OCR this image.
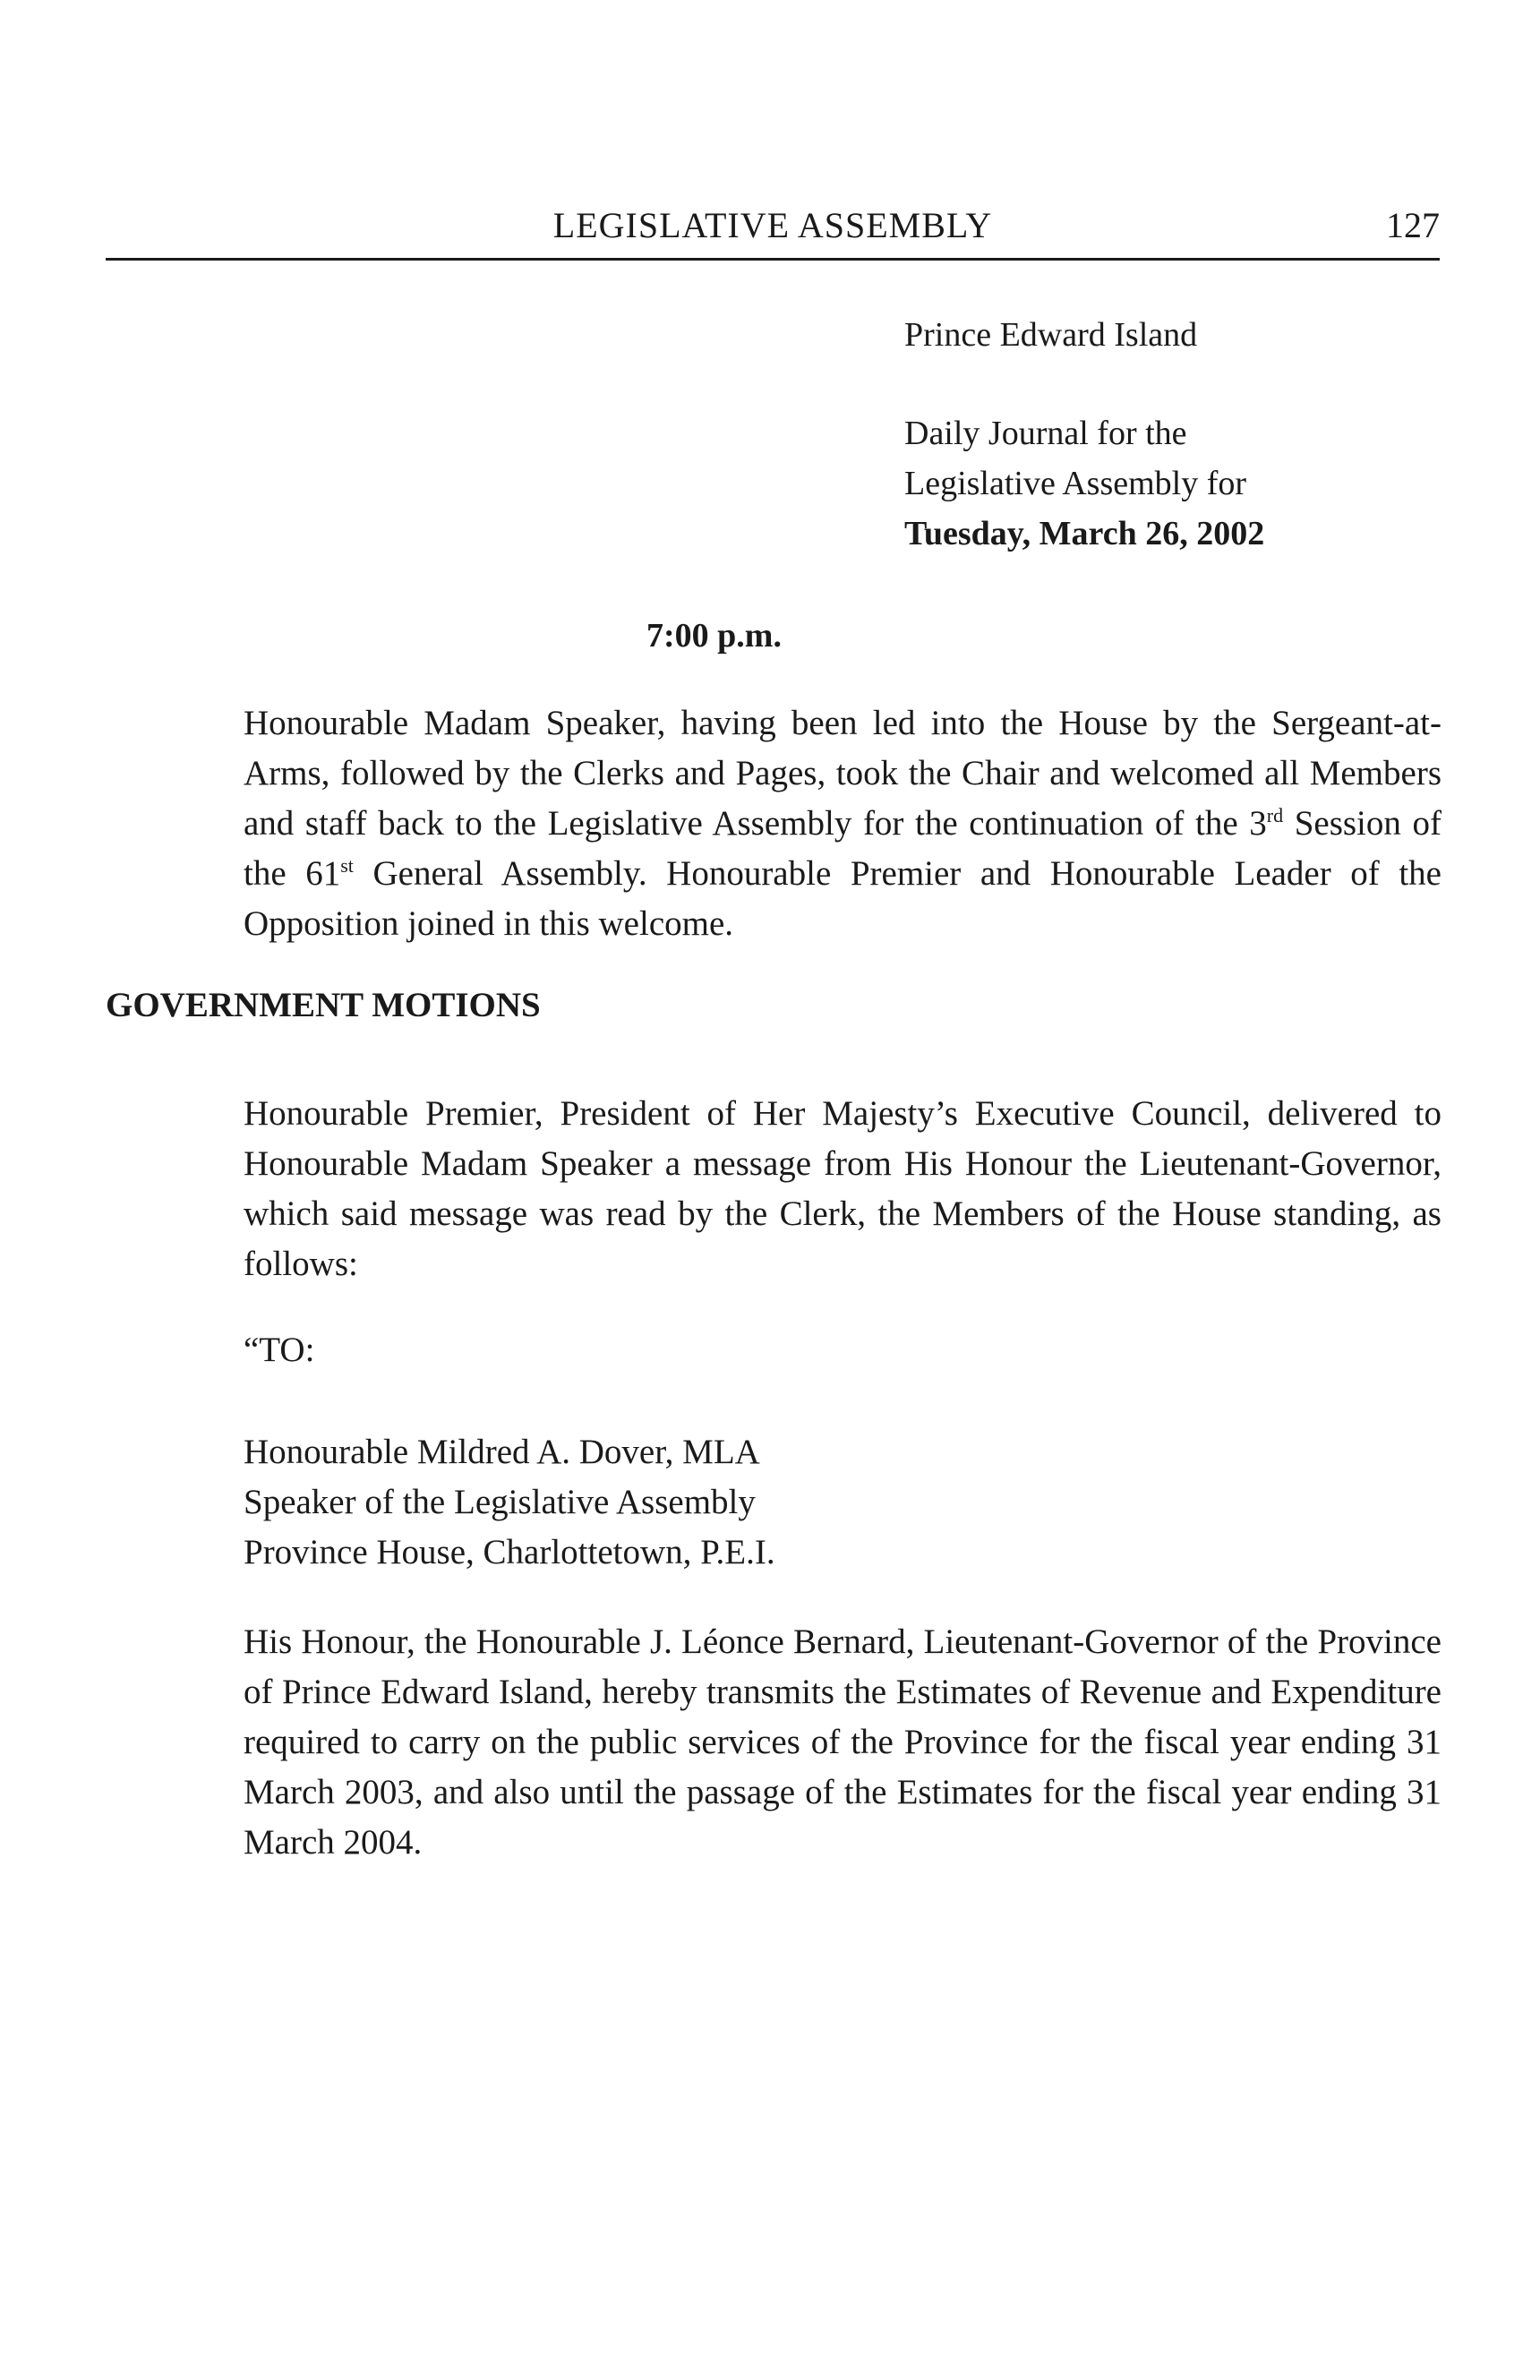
LEGISLATIVE ASSEMBLY	127
Prince Edward Island
Daily Journal for the
Legislative Assembly for
Tuesday, March 26, 2002
7:00 p.m.
Honourable Madam Speaker, having been led into the House by the Sergeant-at-Arms, followed by the Clerks and Pages, took the Chair and welcomed all Members and staff back to the Legislative Assembly for the continuation of the 3rd Session of the 61st General Assembly. Honourable Premier and Honourable Leader of the Opposition joined in this welcome.
GOVERNMENT MOTIONS
Honourable Premier, President of Her Majesty’s Executive Council, delivered to Honourable Madam Speaker a message from His Honour the Lieutenant-Governor, which said message was read by the Clerk, the Members of the House standing, as follows:
“TO:
Honourable Mildred A. Dover, MLA
Speaker of the Legislative Assembly
Province House, Charlottetown, P.E.I.
His Honour, the Honourable J. Léonce Bernard, Lieutenant-Governor of the Province of Prince Edward Island, hereby transmits the Estimates of Revenue and Expenditure required to carry on the public services of the Province for the fiscal year ending 31 March 2003, and also until the passage of the Estimates for the fiscal year ending 31 March 2004.
